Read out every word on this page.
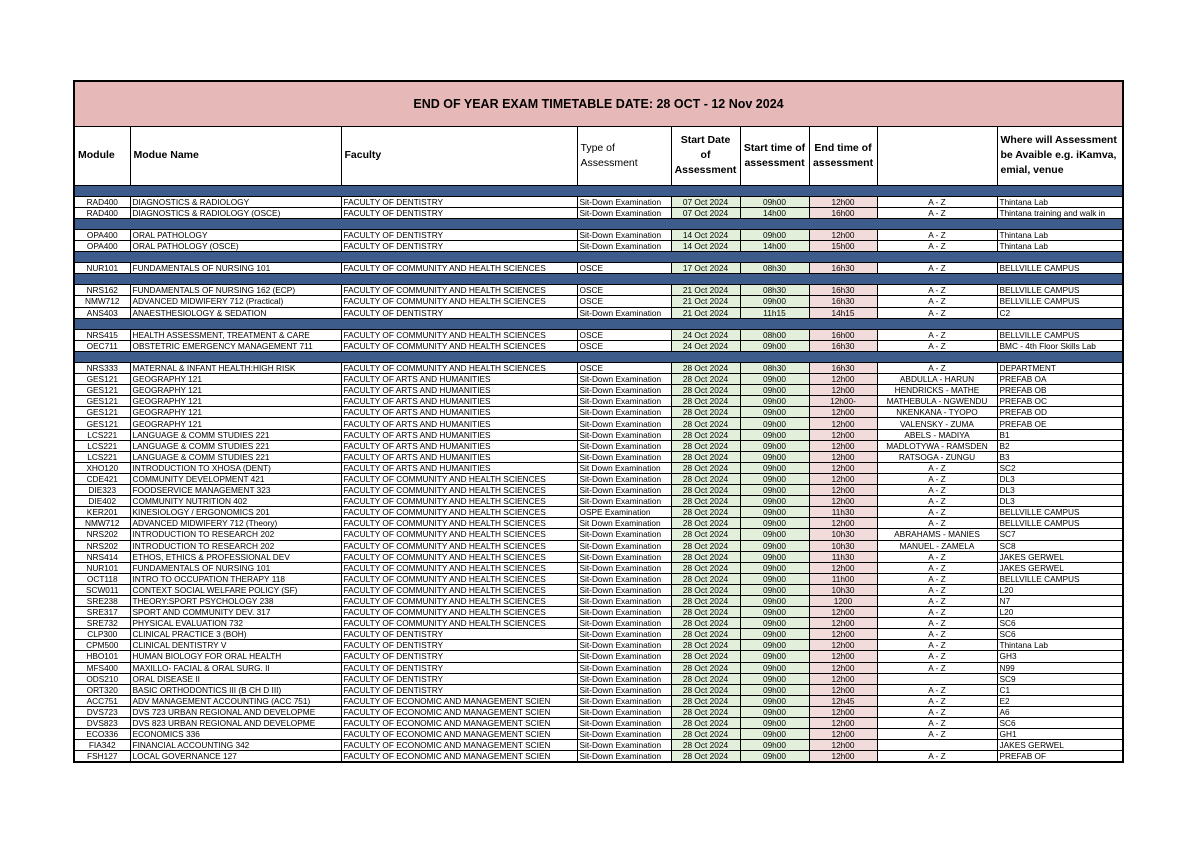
END OF YEAR EXAM TIMETABLE DATE: 28 OCT - 12 Nov 2024								
Module	Modue Name	Faculty	Type of Assessment	Start Date of Assessment	Start time of assessment	End time of assessment		Where will Assessment be Avaible e.g. iKamva, emial, venue

RAD400	DIAGNOSTICS & RADIOLOGY	FACULTY OF DENTISTRY	Sit-Down Examination	07 Oct 2024	09h00	12h00	A - Z	Thintana Lab
RAD400	DIAGNOSTICS & RADIOLOGY (OSCE)	FACULTY OF DENTISTRY	Sit-Down Examination	07 Oct 2024	14h00	16h00	A - Z	Thintana training and walk in

OPA400	ORAL PATHOLOGY	FACULTY OF DENTISTRY	Sit-Down Examination	14 Oct 2024	09h00	12h00	A - Z	Thintana Lab
OPA400	ORAL PATHOLOGY (OSCE)	FACULTY OF DENTISTRY	Sit-Down Examination	14 Oct 2024	14h00	15h00	A - Z	Thintana Lab

NUR101	FUNDAMENTALS OF NURSING 101	FACULTY OF COMMUNITY AND HEALTH SCIENCES	OSCE	17 Oct 2024	08h30	16h30	A - Z	BELLVILLE CAMPUS

NRS162	FUNDAMENTALS OF NURSING 162 (ECP)	FACULTY OF COMMUNITY AND HEALTH SCIENCES	OSCE	21 Oct 2024	08h30	16h30	A - Z	BELLVILLE CAMPUS
NMW712	ADVANCED MIDWIFERY 712 (Practical)	FACULTY OF COMMUNITY AND HEALTH SCIENCES	OSCE	21 Oct 2024	09h00	16h30	A - Z	BELLVILLE CAMPUS
ANS403	ANAESTHESIOLOGY & SEDATION	FACULTY OF DENTISTRY	Sit-Down Examination	21 Oct 2024	11h15	14h15	A - Z	C2

NRS415	HEALTH ASSESSMENT, TREATMENT & CARE	FACULTY OF COMMUNITY AND HEALTH SCIENCES	OSCE	24 Oct 2024	08h00	16h00	A - Z	BELLVILLE CAMPUS
OEC711	OBSTETRIC EMERGENCY MANAGEMENT 711	FACULTY OF COMMUNITY AND HEALTH SCIENCES	OSCE	24 Oct 2024	09h00	16h30	A - Z	BMC - 4th Floor Skills Lab

NRS333	MATERNAL & INFANT HEALTH:HIGH RISK	FACULTY OF COMMUNITY AND HEALTH SCIENCES	OSCE	28 Oct 2024	08h30	16h30	A - Z	DEPARTMENT
GES121	GEOGRAPHY 121	FACULTY OF ARTS AND HUMANITIES	Sit-Down Examination	28 Oct 2024	09h00	12h00	ABDULLA - HARUN	PREFAB OA
GES121	GEOGRAPHY 121	FACULTY OF ARTS AND HUMANITIES	Sit-Down Examination	28 Oct 2024	09h00	12h00	HENDRICKS - MATHE	PREFAB OB
GES121	GEOGRAPHY 121	FACULTY OF ARTS AND HUMANITIES	Sit-Down Examination	28 Oct 2024	09h00	12h00-	MATHEBULA - NGWENDU	PREFAB OC
GES121	GEOGRAPHY 121	FACULTY OF ARTS AND HUMANITIES	Sit-Down Examination	28 Oct 2024	09h00	12h00	NKENKANA - TYOPO	PREFAB OD
GES121	GEOGRAPHY 121	FACULTY OF ARTS AND HUMANITIES	Sit-Down Examination	28 Oct 2024	09h00	12h00	VALENSKY - ZUMA	PREFAB OE
LCS221	LANGUAGE & COMM STUDIES 221	FACULTY OF ARTS AND HUMANITIES	Sit-Down Examination	28 Oct 2024	09h00	12h00	ABELS - MADIYA	B1
LCS221	LANGUAGE & COMM STUDIES 221	FACULTY OF ARTS AND HUMANITIES	Sit-Down Examination	28 Oct 2024	09h00	12h00	MADLOTYWA - RAMSDEN	B2
LCS221	LANGUAGE & COMM STUDIES 221	FACULTY OF ARTS AND HUMANITIES	Sit-Down Examination	28 Oct 2024	09h00	12h00	RATSOGA - ZUNGU	B3
XHO120	INTRODUCTION TO XHOSA (DENT)	FACULTY OF ARTS AND HUMANITIES	Sit Down Examination	28 Oct 2024	09h00	12h00	A - Z	SC2
CDE421	COMMUNITY DEVELOPMENT 421	FACULTY OF COMMUNITY AND HEALTH SCIENCES	Sit-Down Examination	28 Oct 2024	09h00	12h00	A - Z	DL3
DIE323	FOODSERVICE MANAGEMENT 323	FACULTY OF COMMUNITY AND HEALTH SCIENCES	Sit-Down Examination	28 Oct 2024	09h00	12h00	A - Z	DL3
DIE402	COMMUNITY NUTRITION 402	FACULTY OF COMMUNITY AND HEALTH SCIENCES	Sit-Down Examination	28 Oct 2024	09h00	12h00	A - Z	DL3
KER201	KINESIOLOGY / ERGONOMICS 201	FACULTY OF COMMUNITY AND HEALTH SCIENCES	OSPE Examination	28 Oct 2024	09h00	11h30	A - Z	BELLVILLE CAMPUS
NMW712	ADVANCED MIDWIFERY 712 (Theory)	FACULTY OF COMMUNITY AND HEALTH SCIENCES	Sit Down Examination	28 Oct 2024	09h00	12h00	A - Z	BELLVILLE CAMPUS
NRS202	INTRODUCTION TO RESEARCH 202	FACULTY OF COMMUNITY AND HEALTH SCIENCES	Sit-Down Examination	28 Oct 2024	09h00	10h30	ABRAHAMS - MANIES	SC7
NRS202	INTRODUCTION TO RESEARCH 202	FACULTY OF COMMUNITY AND HEALTH SCIENCES	Sit-Down Examination	28 Oct 2024	09h00	10h30	MANUEL - ZAMELA	SC8
NRS414	ETHOS, ETHICS & PROFESSIONAL DEV	FACULTY OF COMMUNITY AND HEALTH SCIENCES	Sit-Down Examination	28 Oct 2024	09h00	11h30	A - Z	JAKES GERWEL
NUR101	FUNDAMENTALS OF NURSING 101	FACULTY OF COMMUNITY AND HEALTH SCIENCES	Sit-Down Examination	28 Oct 2024	09h00	12h00	A - Z	JAKES GERWEL
OCT118	INTRO TO OCCUPATION THERAPY 118	FACULTY OF COMMUNITY AND HEALTH SCIENCES	Sit-Down Examination	28 Oct 2024	09h00	11h00	A - Z	BELLVILLE CAMPUS
SCW011	CONTEXT SOCIAL WELFARE POLICY (SF)	FACULTY OF COMMUNITY AND HEALTH SCIENCES	Sit-Down Examination	28 Oct 2024	09h00	10h30	A - Z	L20
SRE238	THEORY:SPORT PSYCHOLOGY 238	FACULTY OF COMMUNITY AND HEALTH SCIENCES	Sit-Down Examination	28 Oct 2024	09h00	1200	A - Z	N7
SRE317	SPORT AND COMMUNITY DEV. 317	FACULTY OF COMMUNITY AND HEALTH SCIENCES	Sit-Down Examination	28 Oct 2024	09h00	12h00	A - Z	L20
SRE732	PHYSICAL EVALUATION 732	FACULTY OF COMMUNITY AND HEALTH SCIENCES	Sit-Down Examination	28 Oct 2024	09h00	12h00	A - Z	SC6
CLP300	CLINICAL PRACTICE 3 (BOH)	FACULTY OF DENTISTRY	Sit-Down Examination	28 Oct 2024	09h00	12h00	A - Z	SC6
CPM500	CLINICAL DENTISTRY V	FACULTY OF DENTISTRY	Sit-Down Examination	28 Oct 2024	09h00	12h00	A - Z	Thintana Lab
HBO101	HUMAN BIOLOGY FOR ORAL HEALTH	FACULTY OF DENTISTRY	Sit-Down Examination	28 Oct 2024	09h00	12h00	A - Z	GH3
MFS400	MAXILLO- FACIAL & ORAL SURG. II	FACULTY OF DENTISTRY	Sit-Down Examination	28 Oct 2024	09h00	12h00	A - Z	N99
ODS210	ORAL DISEASE II	FACULTY OF DENTISTRY	Sit-Down Examination	28 Oct 2024	09h00	12h00		SC9
ORT320	BASIC ORTHODONTICS III (B CH D III)	FACULTY OF DENTISTRY	Sit-Down Examination	28 Oct 2024	09h00	12h00	A - Z	C1
ACC751	ADV MANAGEMENT ACCOUNTING (ACC 751)	FACULTY OF ECONOMIC AND MANAGEMENT SCIEN	Sit-Down Examination	28 Oct 2024	09h00	12h45	A - Z	E2
DVS723	DVS 723 URBAN REGIONAL AND DEVELOPME	FACULTY OF ECONOMIC AND MANAGEMENT SCIEN	Sit-Down Examination	28 Oct 2024	09h00	12h00	A - Z	A6
DVS823	DVS 823 URBAN REGIONAL AND DEVELOPME	FACULTY OF ECONOMIC AND MANAGEMENT SCIEN	Sit-Down Examination	28 Oct 2024	09h00	12h00	A - Z	SC6
ECO336	ECONOMICS 336	FACULTY OF ECONOMIC AND MANAGEMENT SCIEN	Sit-Down Examination	28 Oct 2024	09h00	12h00	A - Z	GH1
FIA342	FINANCIAL ACCOUNTING 342	FACULTY OF ECONOMIC AND MANAGEMENT SCIEN	Sit-Down Examination	28 Oct 2024	09h00	12h00		JAKES GERWEL
FSH127	LOCAL GOVERNANCE 127	FACULTY OF ECONOMIC AND MANAGEMENT SCIEN	Sit-Down Examination	28 Oct 2024	09h00	12h00	A - Z	PREFAB OF
